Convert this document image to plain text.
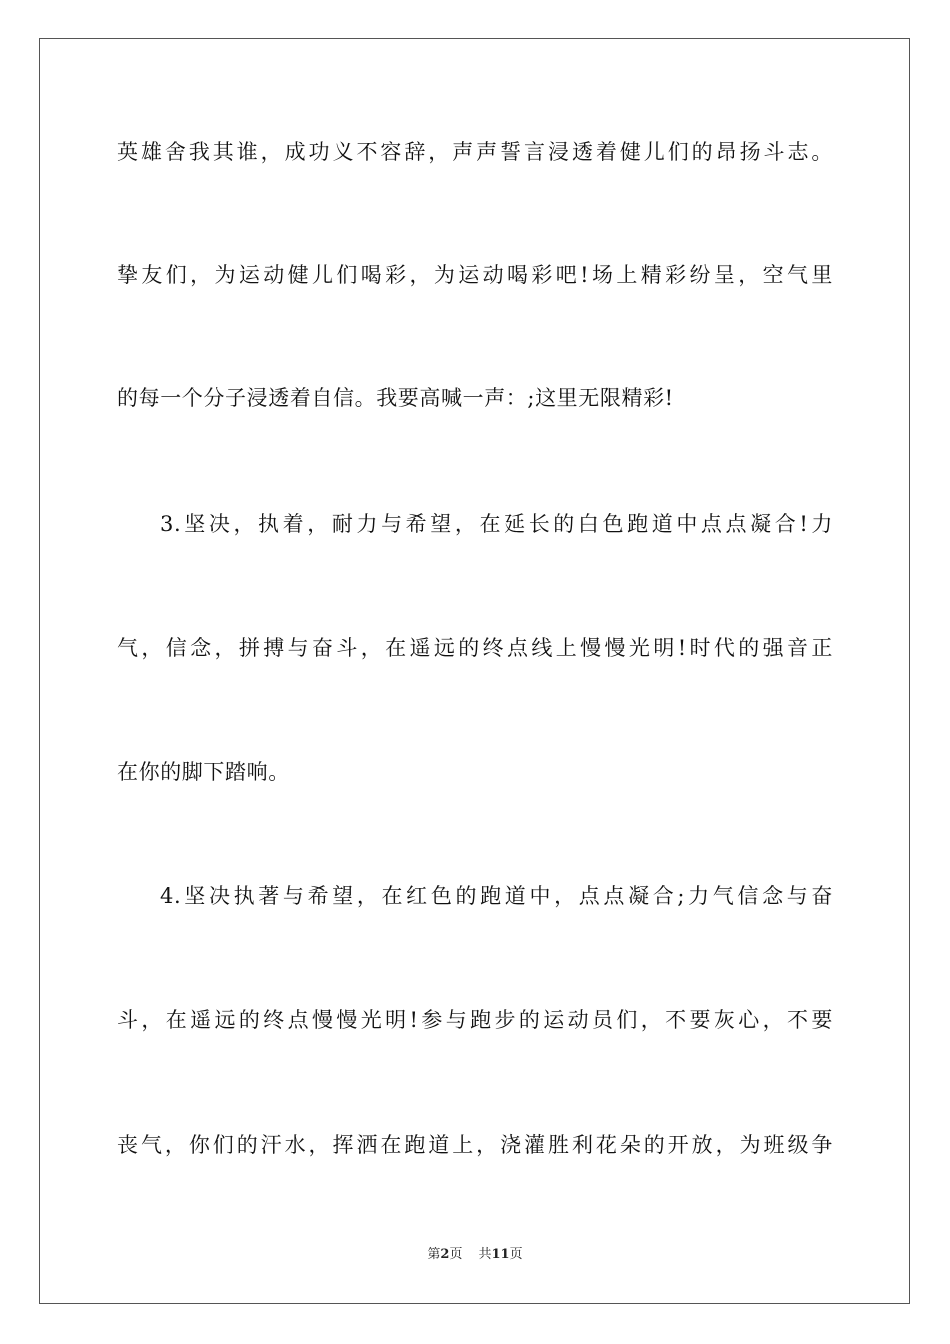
英雄舍我其谁，成功义不容辞，声声誓言浸透着健儿们的昂扬斗志。
挚友们，为运动健儿们喝彩，为运动喝彩吧!场上精彩纷呈，空气里
的每一个分子浸透着自信。我要高喊一声：;这里无限精彩!
3.坚决，执着，耐力与希望，在延长的白色跑道中点点凝合!力
气，信念，拼搏与奋斗，在遥远的终点线上慢慢光明!时代的强音正
在你的脚下踏响。
4.坚决执著与希望，在红色的跑道中，点点凝合;力气信念与奋
斗，在遥远的终点慢慢光明!参与跑步的运动员们，不要灰心，不要
丧气，你们的汗水，挥洒在跑道上，浇灌胜利花朵的开放，为班级争
第2页 共11页
